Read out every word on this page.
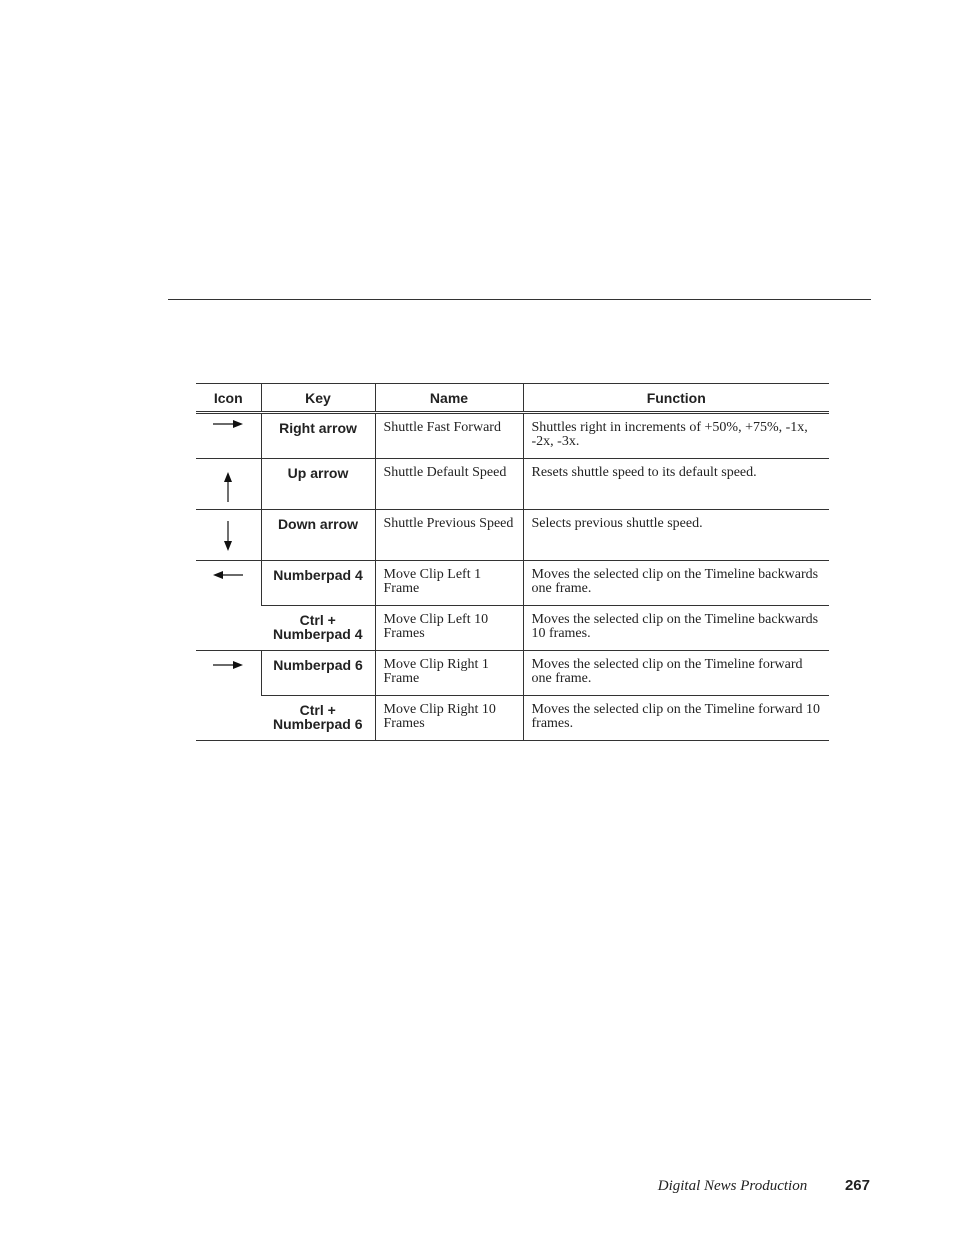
Icon	Key	Name	Function
	Right arrow	Shuttle Fast Forward	Shuttles right in increments of +50%, +75%, -1x, -2x, -3x.
	Up arrow	Shuttle Default Speed	Resets shuttle speed to its default speed.
	Down arrow	Shuttle Previous Speed	Selects previous shuttle speed.
	Numberpad 4	Move Clip Left 1 Frame	Moves the selected clip on the Timeline backwards one frame.
	Ctrl +
Numberpad 4	Move Clip Left 10 Frames	Moves the selected clip on the Timeline backwards 10 frames.
	Numberpad 6	Move Clip Right 1 Frame	Moves the selected clip on the Timeline forward one frame.
	Ctrl +
Numberpad 6	Move Clip Right 10 Frames	Moves the selected clip on the Timeline forward 10 frames.
Digital News Production	267
